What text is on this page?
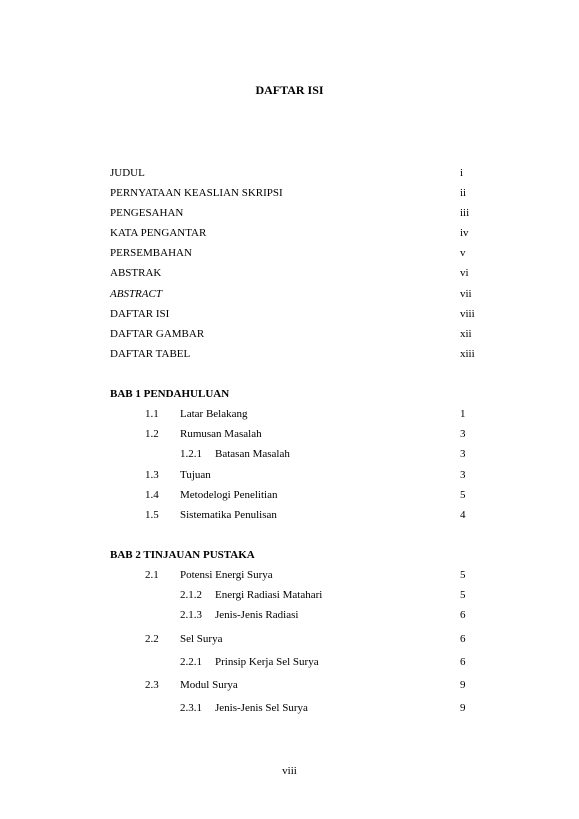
DAFTAR ISI
JUDUL	i
PERNYATAAN KEASLIAN SKRIPSI	ii
PENGESAHAN	iii
KATA PENGANTAR	iv
PERSEMBAHAN	v
ABSTRAK	vi
ABSTRACT	vii
DAFTAR ISI	viii
DAFTAR GAMBAR	xii
DAFTAR TABEL	xiii
BAB 1 PENDAHULUAN
1.1 Latar Belakang	1
1.2 Rumusan Masalah	3
1.2.1 Batasan Masalah	3
1.3 Tujuan	3
1.4 Metodelogi Penelitian	5
1.5 Sistematika Penulisan	4
BAB 2 TINJAUAN PUSTAKA
2.1 Potensi Energi Surya	5
2.1.2 Energi Radiasi Matahari	5
2.1.3 Jenis-Jenis Radiasi	6
2.2 Sel Surya	6
2.2.1 Prinsip Kerja Sel Surya	6
2.3 Modul Surya	9
2.3.1 Jenis-Jenis Sel Surya	9
viii
